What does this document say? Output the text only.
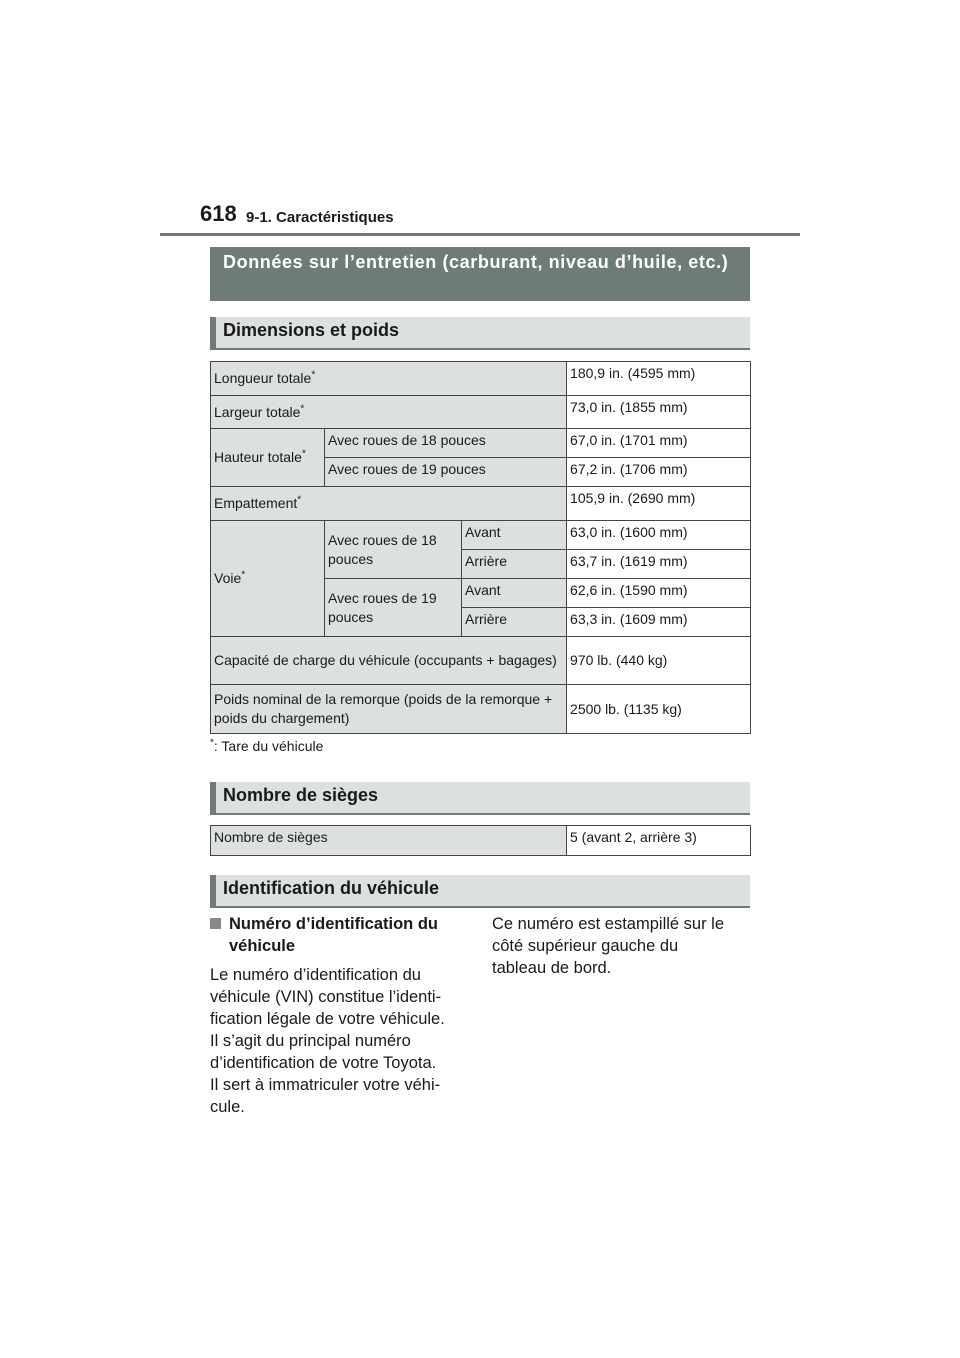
618 9-1. Caractéristiques
Données sur l’entretien (carburant, niveau d’huile, etc.)
Dimensions et poids
Longueur totale*			180,9 in. (4595 mm)
Largeur totale*			73,0 in. (1855 mm)
Hauteur totale*	Avec roues de 18 pouces		67,0 in. (1701 mm)
	Avec roues de 19 pouces		67,2 in. (1706 mm)
Empattement*			105,9 in. (2690 mm)
Voie*	Avec roues de 18 pouces	Avant	63,0 in. (1600 mm)
		Arrière	63,7 in. (1619 mm)
	Avec roues de 19 pouces	Avant	62,6 in. (1590 mm)
		Arrière	63,3 in. (1609 mm)
Capacité de charge du véhicule (occupants + bagages)			970 lb. (440 kg)
Poids nominal de la remorque (poids de la remorque + poids du chargement)			2500 lb. (1135 kg)
*: Tare du véhicule
Nombre de sièges
Nombre de sièges	5 (avant 2, arrière 3)
Identification du véhicule
Numéro d’identification du véhicule
Le numéro d’identification du
véhicule (VIN) constitue l’identi-
fication légale de votre véhicule.
Il s’agit du principal numéro
d’identification de votre Toyota.
Il sert à immatriculer votre véhi-
cule.
Ce numéro est estampillé sur le
côté supérieur gauche du
tableau de bord.
